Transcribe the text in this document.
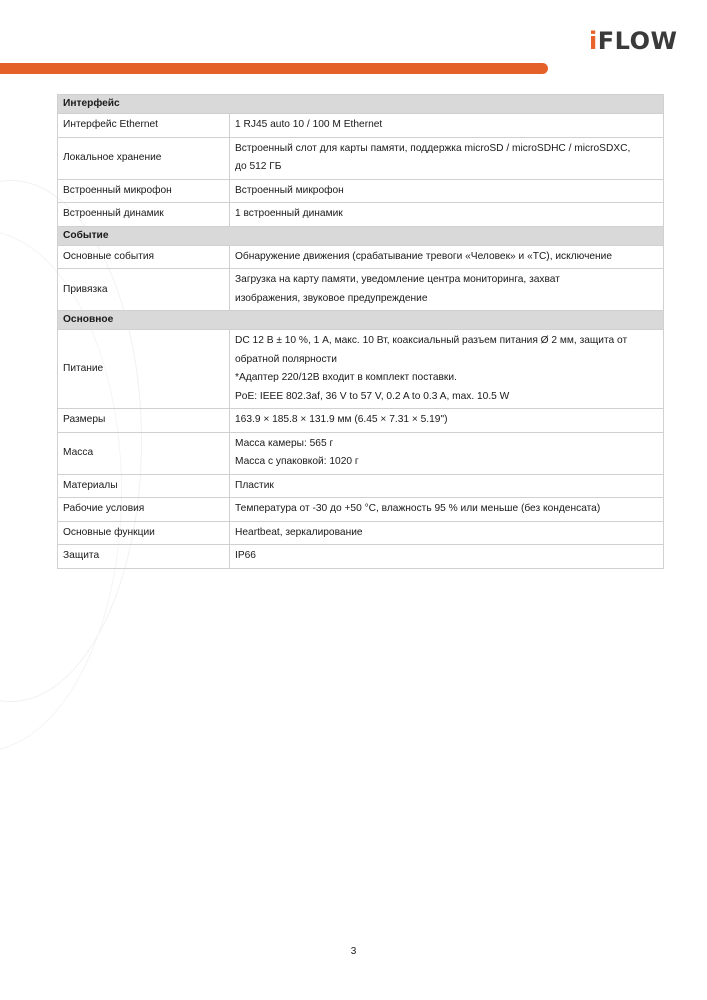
i FLOW
Интерфейс	
Интерфейс Ethernet	1 RJ45 auto 10 / 100 M Ethernet

Локальное хранение	Встроенный слот для карты памяти, поддержка microSD / microSDHC / microSDXC,
до 512 ГБ

Встроенный микрофон	Встроенный микрофон

Встроенный динамик	1 встроенный динамик

Событие	
Основные события	Обнаружение движения (срабатывание тревоги «Человек» и «ТС), исключение

Привязка	Загрузка на карту памяти, уведомление центра мониторинга, захват
изображения, звуковое предупреждение

Основное	
Питание	DC 12 В ± 10 %, 1 А, макс. 10 Вт, коаксиальный разъем питания Ø 2 мм, защита от
обратной полярности
*Адаптер 220/12В входит в комплект поставки.
PoE: IEEE 802.3af, 36 V to 57 V, 0.2 A to 0.3 A, max. 10.5 W

Размеры	163.9 × 185.8 × 131.9 мм (6.45 × 7.31 × 5.19")

Масса	Масса камеры: 565 г
Масса с упаковкой: 1020 г

Материалы	Пластик

Рабочие условия	Температура от -30 до +50 °C, влажность 95 % или меньше (без конденсата)

Основные функции	Heartbeat, зеркалирование

Защита	IP66
3
